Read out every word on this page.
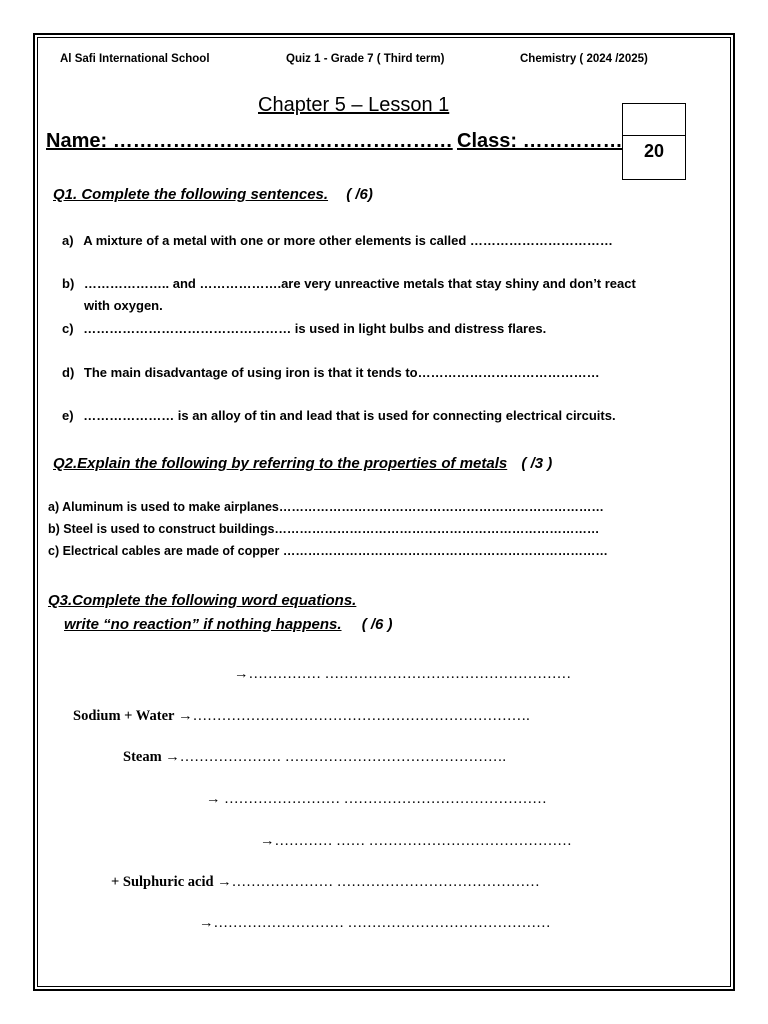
Al Safi International School	Quiz 1 - Grade 7 ( Third term)	Chemistry ( 2024 /2025)
Chapter 5 – Lesson 1
Name: …………………………………………… Class: ……………	20
Q1. Complete the following sentences. ( /6)
a) A mixture of a metal with one or more other elements is called ……………………………
b) ……………….. and ……………….are very unreactive metals that stay shiny and don’t react
with oxygen.
c) ………………………………………… is used in light bulbs and distress flares.
d) The main disadvantage of using iron is that it tends to……………………………………
e) ………………… is an alloy of tin and lead that is used for connecting electrical circuits.
Q2.Explain the following by referring to the properties of metals ( /3 )
a) Aluminum is used to make airplanes……………………………………………………………………
b) Steel is used to construct buildings……………………………………………………………………
c) Electrical cables are made of copper ……………………………………………………………………
Q3.Complete the following word equations.
write “no reaction” if nothing happens. ( /6 )
→…………… ……………………………………………
Sodium + Water →…………………………………………………………….
Steam →………………… ……………………………………….
→ …………………… ……………………………………
→………… …… ……………………………………
+ Sulphuric acid →………………… ……………………………………
→……………………… ……………………………………
